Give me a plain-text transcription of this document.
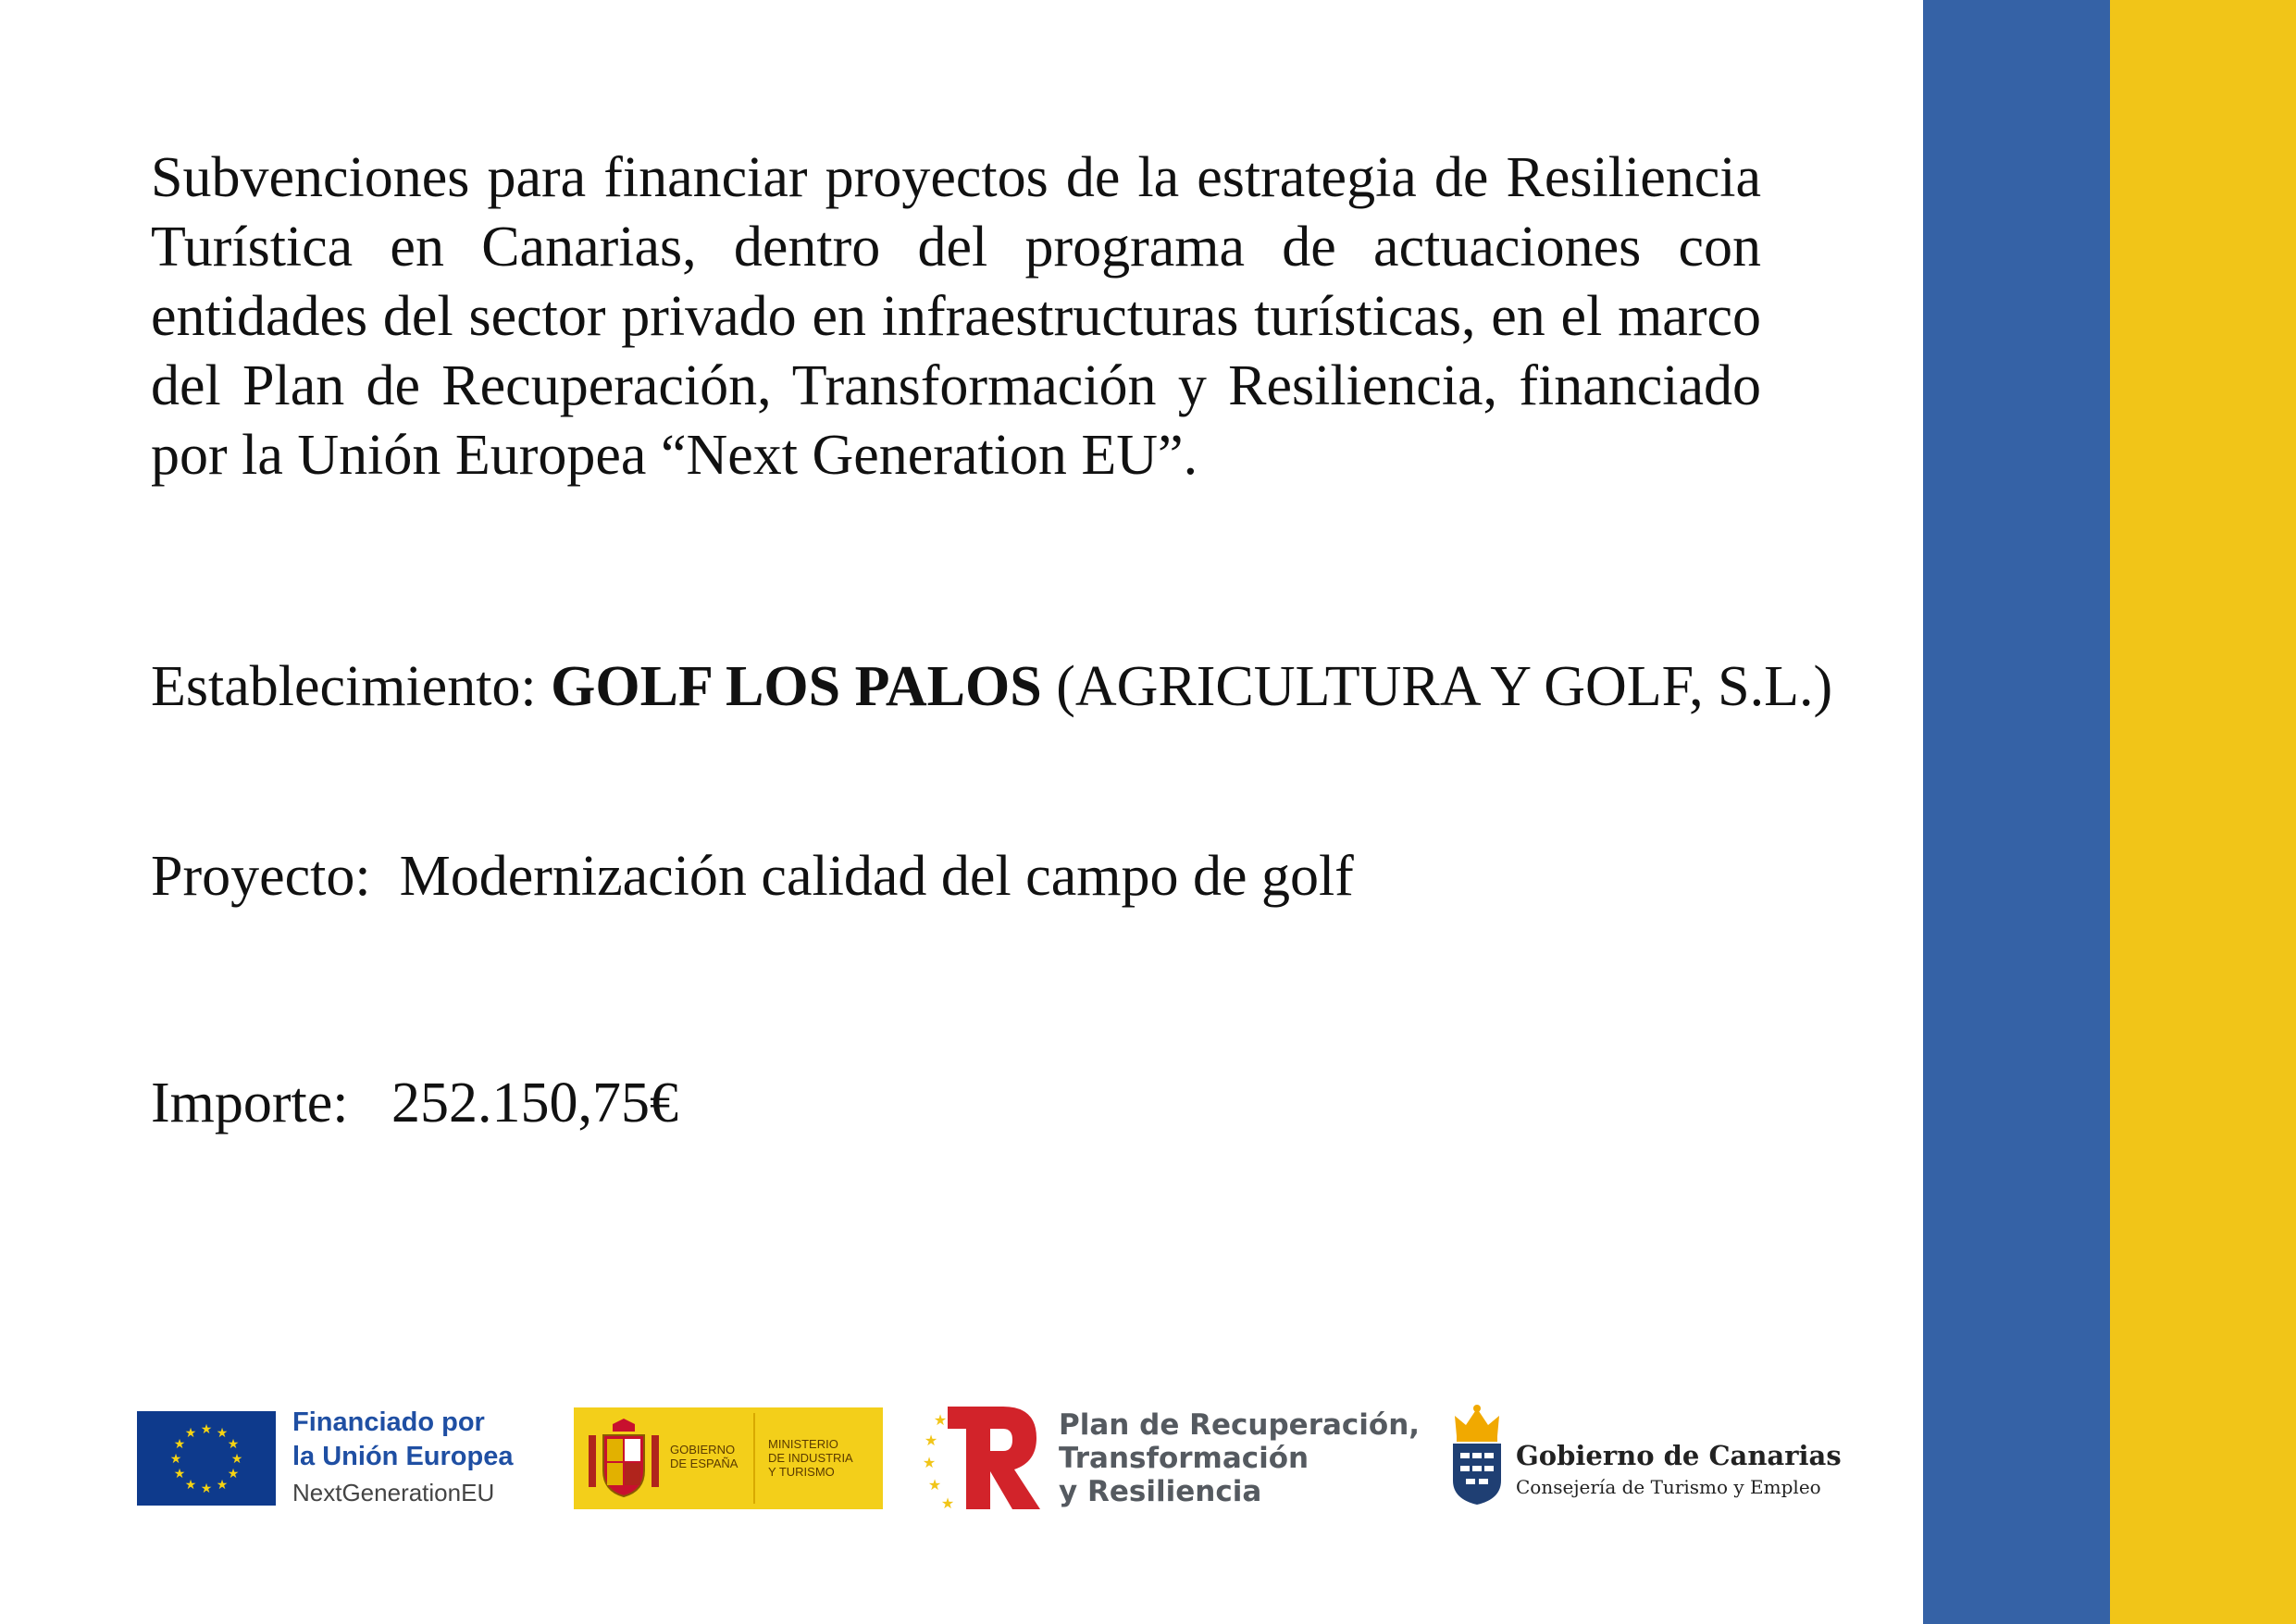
Subvenciones para financiar proyectos de la estrategia de Resiliencia Turística en Canarias, dentro del programa de actuaciones con entidades del sector privado en infraestructuras turísticas, en el marco del Plan de Recuperación, Transformación y Resiliencia, financiado por la Unión Europea “Next Generation EU”.

Establecimiento: GOLF LOS PALOS (AGRICULTURA Y GOLF, S.L.)
Proyecto:  Modernización calidad del campo de golf
Importe:   252.150,75€
★ ★
★
★
★
★
★
★
★
★
★
★	Financiado por
la Unión Europea
NextGenerationEU
GOBIERNO
DE ESPAÑA
MINISTERIO
DE INDUSTRIA
Y TURISMO
★
★
★
★
★
Plan de Recuperación,
Transformación
y Resiliencia
Gobierno de Canarias
Consejería de Turismo y Empleo
